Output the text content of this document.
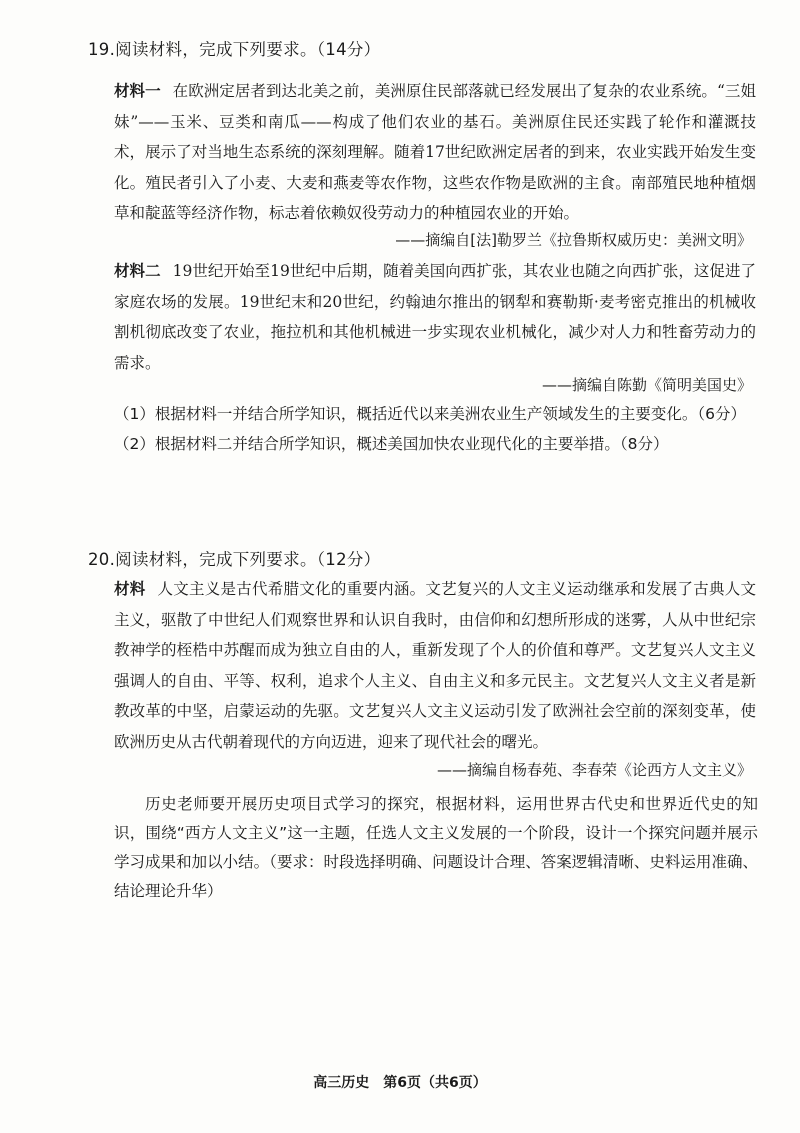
19.阅读材料，完成下列要求。（14分）
材料一 在欧洲定居者到达北美之前，美洲原住民部落就已经发展出了复杂的农业系统。“三姐妹”——玉米、豆类和南瓜——构成了他们农业的基石。美洲原住民还实践了轮作和灌溉技术，展示了对当地生态系统的深刻理解。随着17世纪欧洲定居者的到来，农业实践开始发生变化。殖民者引入了小麦、大麦和燕麦等农作物，这些农作物是欧洲的主食。南部殖民地种植烟草和靛蓝等经济作物，标志着依赖奴役劳动力的种植园农业的开始。
——摘编自[法]勒罗兰《拉鲁斯权威历史：美洲文明》
材料二 19世纪开始至19世纪中后期，随着美国向西扩张，其农业也随之向西扩张，这促进了家庭农场的发展。19世纪末和20世纪，约翰迪尔推出的钢犁和赛勒斯·麦考密克推出的机械收割机彻底改变了农业，拖拉机和其他机械进一步实现农业机械化，减少对人力和牲畜劳动力的需求。
——摘编自陈勤《简明美国史》
（1）根据材料一并结合所学知识，概括近代以来美洲农业生产领域发生的主要变化。（6分）
（2）根据材料二并结合所学知识，概述美国加快农业现代化的主要举措。（8分）
20.阅读材料，完成下列要求。（12分）
材料 人文主义是古代希腊文化的重要内涵。文艺复兴的人文主义运动继承和发展了古典人文主义，驱散了中世纪人们观察世界和认识自我时，由信仰和幻想所形成的迷雾，人从中世纪宗教神学的桎梏中苏醒而成为独立自由的人，重新发现了个人的价值和尊严。文艺复兴人文主义强调人的自由、平等、权利，追求个人主义、自由主义和多元民主。文艺复兴人文主义者是新教改革的中坚，启蒙运动的先驱。文艺复兴人文主义运动引发了欧洲社会空前的深刻变革，使欧洲历史从古代朝着现代的方向迈进，迎来了现代社会的曙光。
——摘编自杨春苑、李春荣《论西方人文主义》
历史老师要开展历史项目式学习的探究，根据材料，运用世界古代史和世界近代史的知识，围绕“西方人文主义”这一主题，任选人文主义发展的一个阶段，设计一个探究问题并展示学习成果和加以小结。（要求：时段选择明确、问题设计合理、答案逻辑清晰、史料运用准确、结论理论升华）
高三历史　第6页（共6页）
